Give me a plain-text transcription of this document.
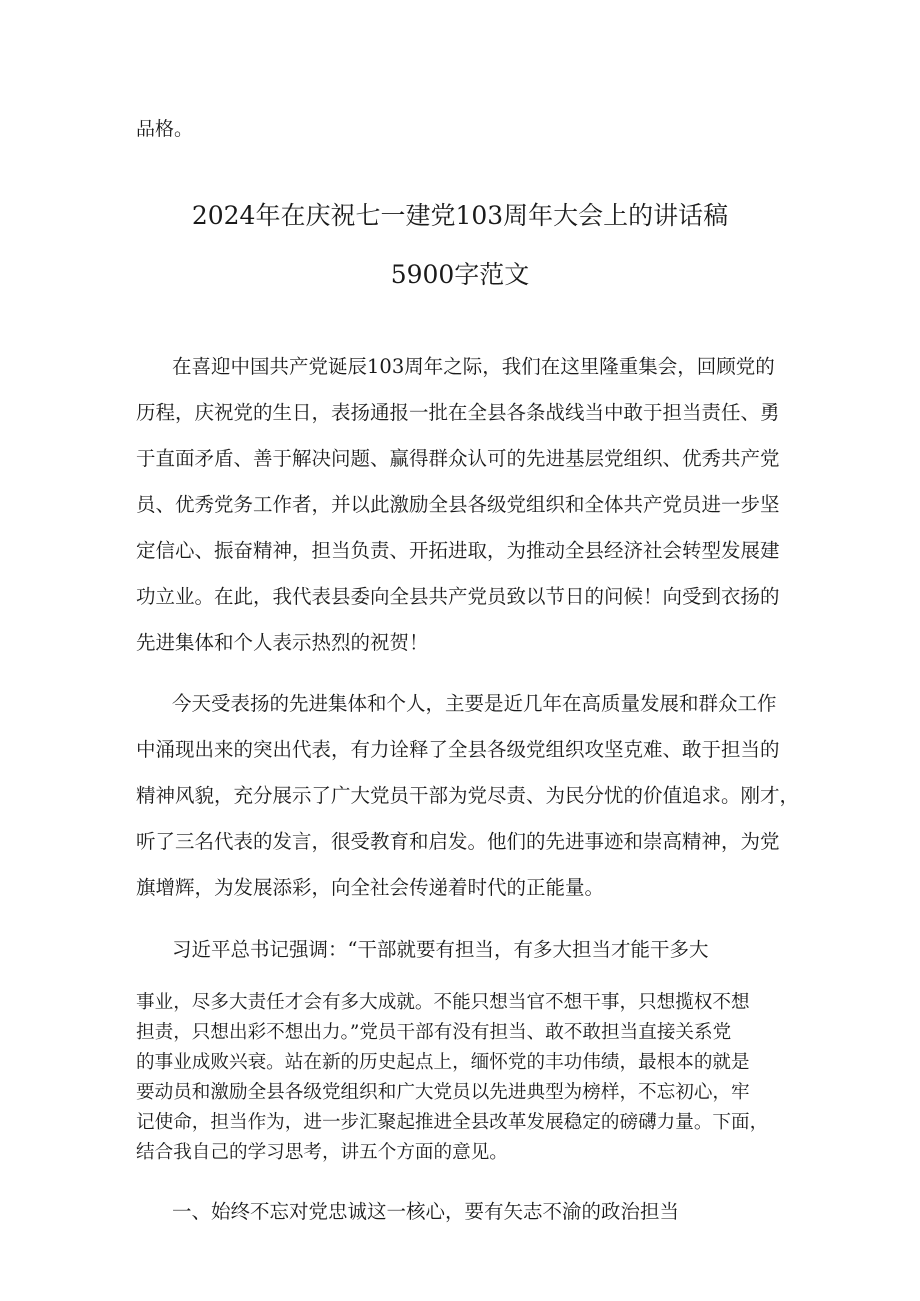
品格。

2024年在庆祝七一建党103周年大会上的讲话稿
5900字范文

在喜迎中国共产党诞辰103周年之际，我们在这里隆重集会，回顾党的

历程，庆祝党的生日，表扬通报一批在全县各条战线当中敢于担当责任、勇

于直面矛盾、善于解决问题、赢得群众认可的先进基层党组织、优秀共产党

员、优秀党务工作者，并以此激励全县各级党组织和全体共产党员进一步坚

定信心、振奋精神，担当负责、开拓进取，为推动全县经济社会转型发展建

功立业。在此，我代表县委向全县共产党员致以节日的问候！向受到衣扬的

先进集体和个人表示热烈的祝贺！

今天受表扬的先进集体和个人，主要是近几年在高质量发展和群众工作

中涌现出来的突出代表，有力诠释了全县各级党组织攻坚克难、敢于担当的

精神风貌，充分展示了广大党员干部为党尽责、为民分忧的价值追求。刚才，

听了三名代表的发言，很受教育和启发。他们的先进事迹和崇高精神，为党

旗增辉，为发展添彩，向全社会传递着时代的正能量。

习近平总书记强调：“干部就要有担当，有多大担当才能干多大

事业，尽多大责任才会有多大成就。不能只想当官不想干事，只想揽权不想

担责，只想出彩不想出力。”党员干部有没有担当、敢不敢担当直接关系党

的事业成败兴衰。站在新的历史起点上，缅怀党的丰功伟绩，最根本的就是

要动员和激励全县各级党组织和广大党员以先进典型为榜样，不忘初心，牢

记使命，担当作为，进一步汇聚起推进全县改革发展稳定的磅礴力量。下面，

结合我自己的学习思考，讲五个方面的意见。

一、始终不忘对党忠诚这一核心，要有矢志不渝的政治担当
